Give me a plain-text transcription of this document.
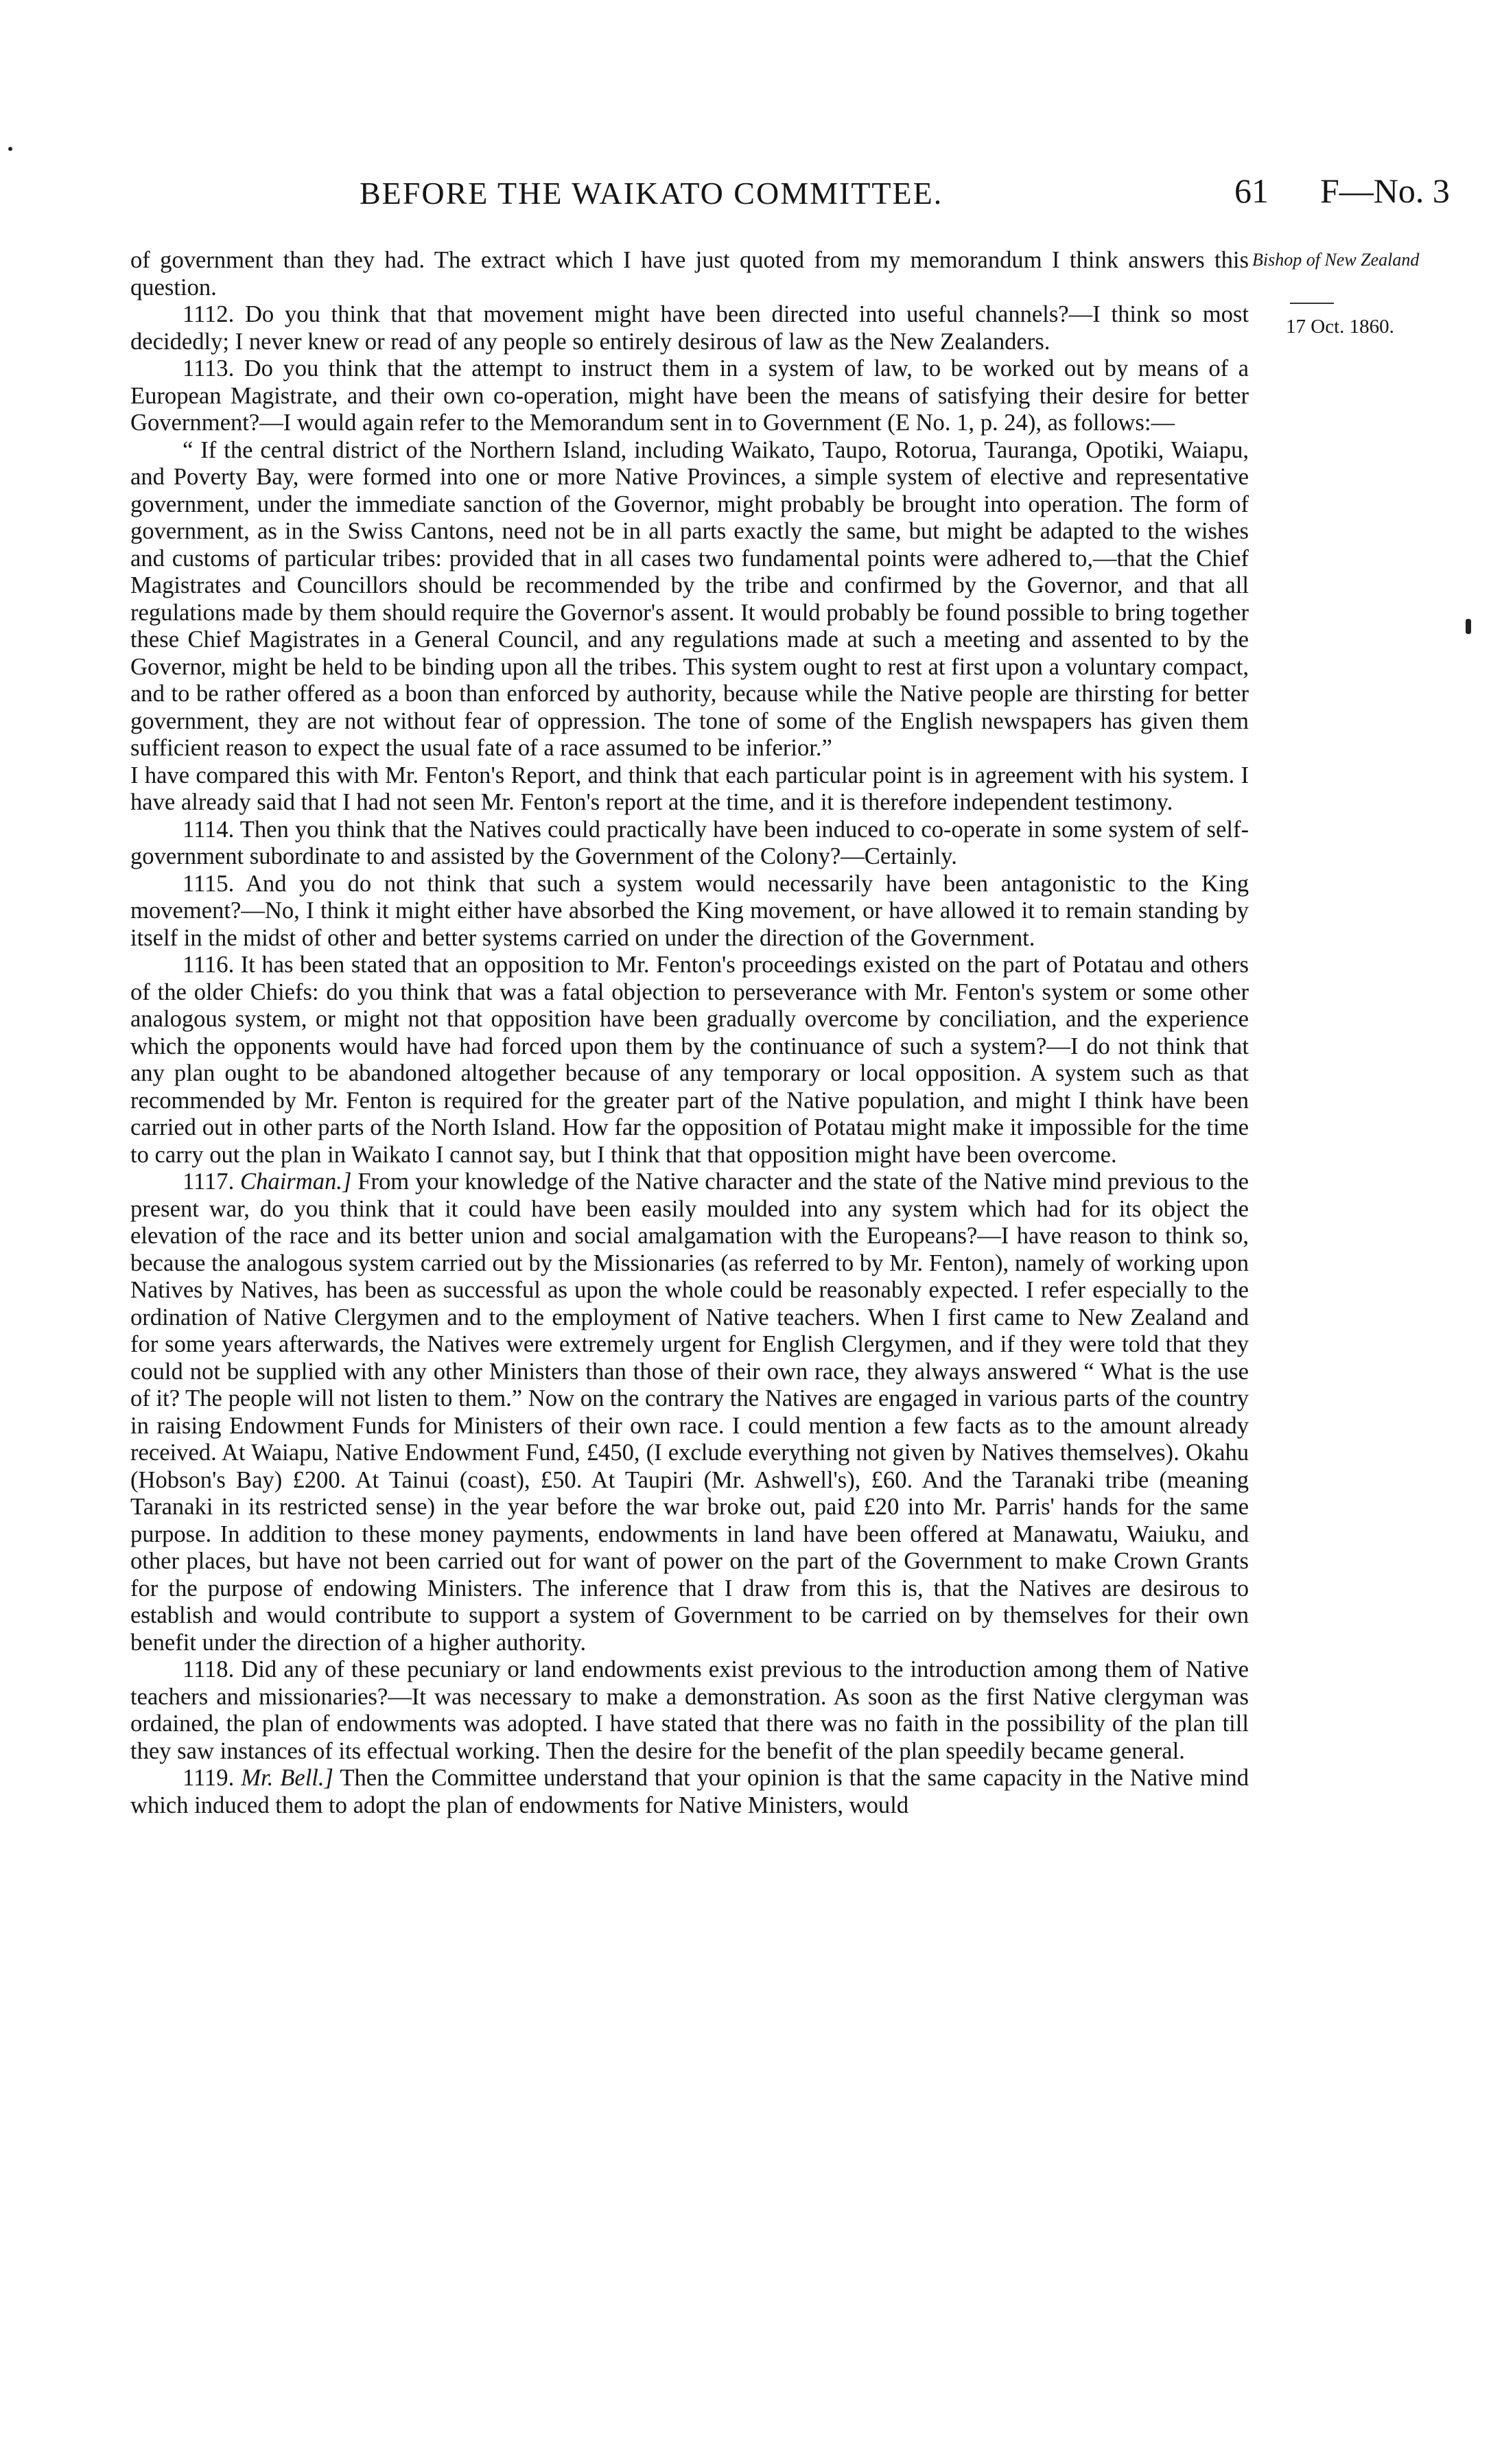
BEFORE THE WAIKATO COMMITTEE.	61 F—No. 3
Bishop of New Zealand
17 Oct. 1860.

of government than they had. The extract which I have just quoted from my memorandum I think answers this question.

1112. Do you think that that movement might have been directed into useful channels?—I think so most decidedly; I never knew or read of any people so entirely desirous of law as the New Zealanders.

1113. Do you think that the attempt to instruct them in a system of law, to be worked out by means of a European Magistrate, and their own co-operation, might have been the means of satisfying their desire for better Government?—I would again refer to the Memorandum sent in to Government (E No. 1, p. 24), as follows:—

“ If the central district of the Northern Island, including Waikato, Taupo, Rotorua, Tauranga, Opotiki, Waiapu, and Poverty Bay, were formed into one or more Native Provinces, a simple system of elective and representative government, under the immediate sanction of the Governor, might probably be brought into operation. The form of government, as in the Swiss Cantons, need not be in all parts exactly the same, but might be adapted to the wishes and customs of particular tribes: provided that in all cases two fundamental points were adhered to,—that the Chief Magistrates and Councillors should be recommended by the tribe and confirmed by the Governor, and that all regulations made by them should require the Governor's assent. It would probably be found possible to bring together these Chief Magistrates in a General Council, and any regulations made at such a meeting and assented to by the Governor, might be held to be binding upon all the tribes. This system ought to rest at first upon a voluntary compact, and to be rather offered as a boon than enforced by authority, because while the Native people are thirsting for better government, they are not without fear of oppression. The tone of some of the English newspapers has given them sufficient reason to expect the usual fate of a race assumed to be inferior.”

I have compared this with Mr. Fenton's Report, and think that each particular point is in agreement with his system. I have already said that I had not seen Mr. Fenton's report at the time, and it is therefore independent testimony.

1114. Then you think that the Natives could practically have been induced to co-operate in some system of self-government subordinate to and assisted by the Government of the Colony?—Certainly.

1115. And you do not think that such a system would necessarily have been antagonistic to the King movement?—No, I think it might either have absorbed the King movement, or have allowed it to remain standing by itself in the midst of other and better systems carried on under the direction of the Government.

1116. It has been stated that an opposition to Mr. Fenton's proceedings existed on the part of Potatau and others of the older Chiefs: do you think that was a fatal objection to perseverance with Mr. Fenton's system or some other analogous system, or might not that opposition have been gradually overcome by conciliation, and the experience which the opponents would have had forced upon them by the continuance of such a system?—I do not think that any plan ought to be abandoned altogether because of any temporary or local opposition. A system such as that recommended by Mr. Fenton is required for the greater part of the Native population, and might I think have been carried out in other parts of the North Island. How far the opposition of Potatau might make it impossible for the time to carry out the plan in Waikato I cannot say, but I think that that opposition might have been overcome.

1117. Chairman.] From your knowledge of the Native character and the state of the Native mind previous to the present war, do you think that it could have been easily moulded into any system which had for its object the elevation of the race and its better union and social amalgamation with the Europeans?—I have reason to think so, because the analogous system carried out by the Missionaries (as referred to by Mr. Fenton), namely of working upon Natives by Natives, has been as successful as upon the whole could be reasonably expected. I refer especially to the ordination of Native Clergymen and to the employment of Native teachers. When I first came to New Zealand and for some years afterwards, the Natives were extremely urgent for English Clergymen, and if they were told that they could not be supplied with any other Ministers than those of their own race, they always answered “ What is the use of it? The people will not listen to them.” Now on the contrary the Natives are engaged in various parts of the country in raising Endowment Funds for Ministers of their own race. I could mention a few facts as to the amount already received. At Waiapu, Native Endowment Fund, £450, (I exclude everything not given by Natives themselves). Okahu (Hobson's Bay) £200. At Tainui (coast), £50. At Taupiri (Mr. Ashwell's), £60. And the Taranaki tribe (meaning Taranaki in its restricted sense) in the year before the war broke out, paid £20 into Mr. Parris' hands for the same purpose. In addition to these money payments, endowments in land have been offered at Manawatu, Waiuku, and other places, but have not been carried out for want of power on the part of the Government to make Crown Grants for the purpose of endowing Ministers. The inference that I draw from this is, that the Natives are desirous to establish and would contribute to support a system of Government to be carried on by themselves for their own benefit under the direction of a higher authority.

1118. Did any of these pecuniary or land endowments exist previous to the introduction among them of Native teachers and missionaries?—It was necessary to make a demonstration. As soon as the first Native clergyman was ordained, the plan of endowments was adopted. I have stated that there was no faith in the possibility of the plan till they saw instances of its effectual working. Then the desire for the benefit of the plan speedily became general.

1119. Mr. Bell.] Then the Committee understand that your opinion is that the same capacity in the Native mind which induced them to adopt the plan of endowments for Native Ministers, would
